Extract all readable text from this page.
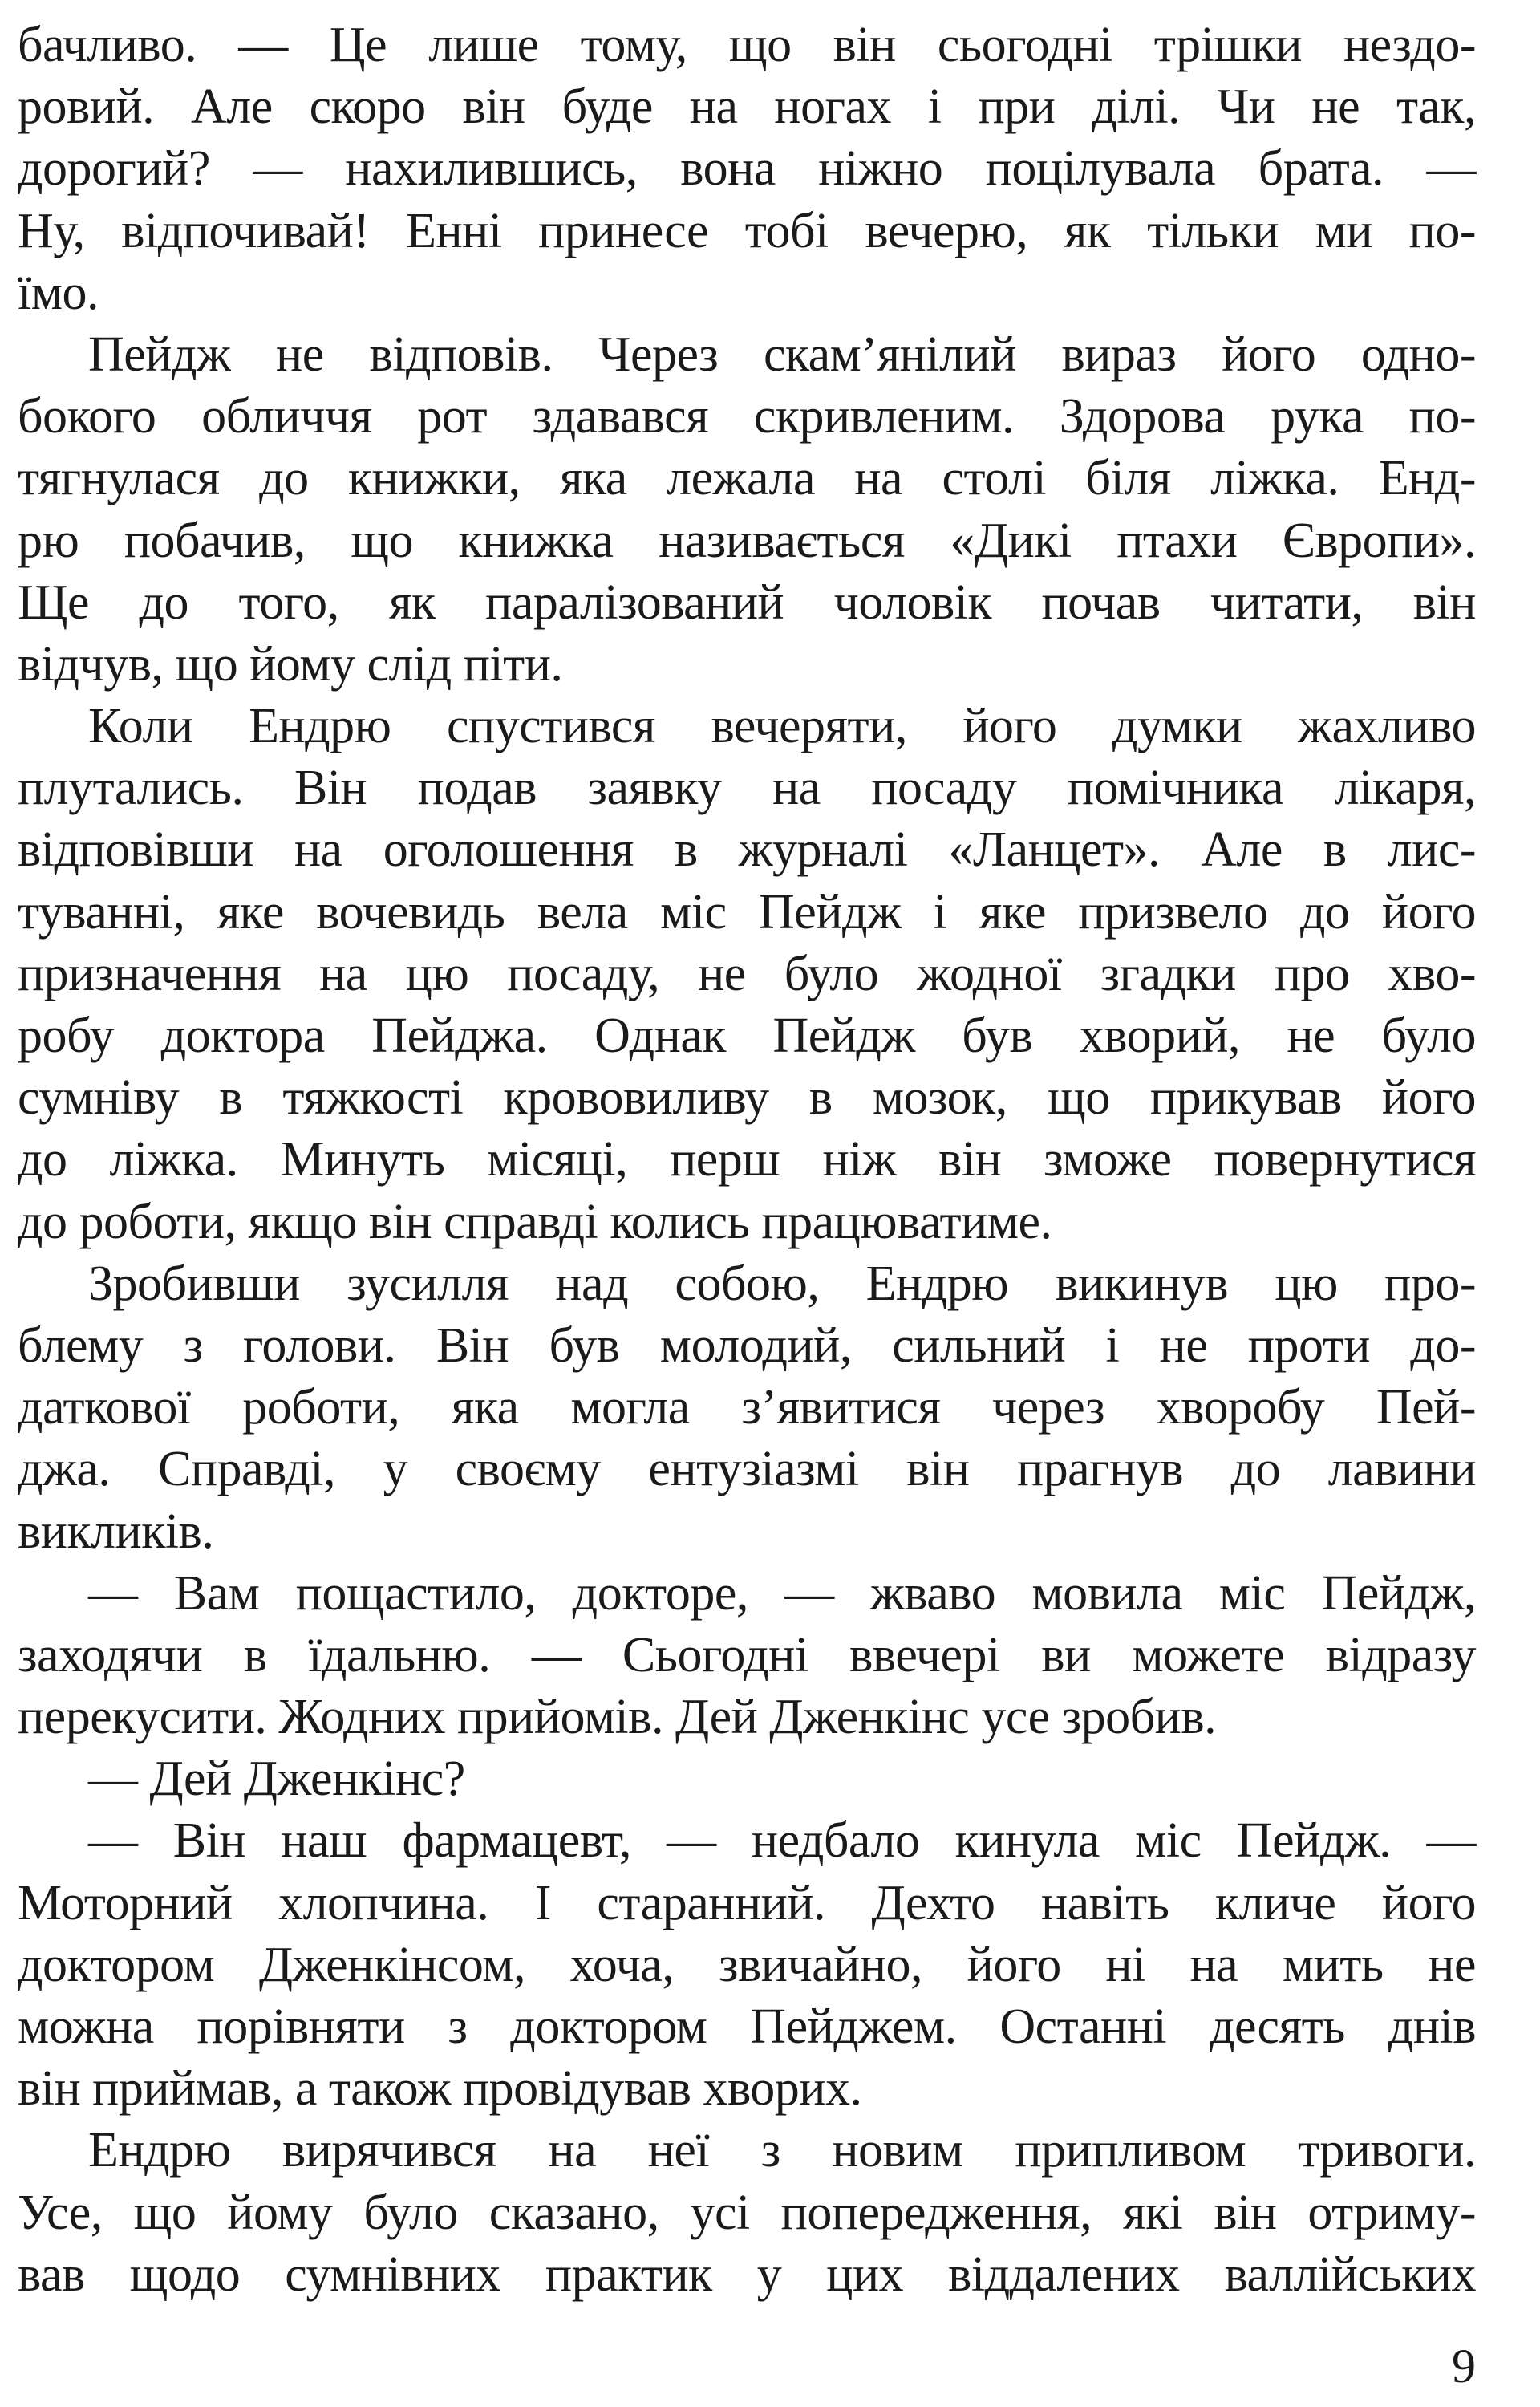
бачливо. — Це лише тому, що він сьогодні трішки нездо-
ровий. Але скоро він буде на ногах і при ділі. Чи не так,
дорогий? — нахилившись, вона ніжно поцілувала брата. —
Ну, відпочивай! Енні принесе тобі вечерю, як тільки ми по-
їмо.
Пейдж не відповів. Через скам’янілий вираз його одно-
бокого обличчя рот здавався скривленим. Здорова рука по-
тягнулася до книжки, яка лежала на столі біля ліжка. Енд-
рю побачив, що книжка називається «Дикі птахи Європи».
Ще до того, як паралізований чоловік почав читати, він
відчув, що йому слід піти.
Коли Ендрю спустився вечеряти, його думки жахливо
плутались. Він подав заявку на посаду помічника лікаря,
відповівши на оголошення в журналі «Ланцет». Але в лис-
туванні, яке вочевидь вела міс Пейдж і яке призвело до його
призначення на цю посаду, не було жодної згадки про хво-
робу доктора Пейджа. Однак Пейдж був хворий, не було
сумніву в тяжкості крововиливу в мозок, що прикував його
до ліжка. Минуть місяці, перш ніж він зможе повернутися
до роботи, якщо він справді колись працюватиме.
Зробивши зусилля над собою, Ендрю викинув цю про-
блему з голови. Він був молодий, сильний і не проти до-
даткової роботи, яка могла з’явитися через хворобу Пей-
джа. Справді, у своєму ентузіазмі він прагнув до лавини
викликів.
— Вам пощастило, докторе, — жваво мовила міс Пейдж,
заходячи в їдальню. — Сьогодні ввечері ви можете відразу
перекусити. Жодних прийомів. Дей Дженкінс усе зробив.
— Дей Дженкінс?
— Він наш фармацевт, — недбало кинула міс Пейдж. —
Моторний хлопчина. І старанний. Дехто навіть кличе його
доктором Дженкінсом, хоча, звичайно, його ні на мить не
можна порівняти з доктором Пейджем. Останні десять днів
він приймав, а також провідував хворих.
Ендрю вирячився на неї з новим припливом тривоги.
Усе, що йому було сказано, усі попередження, які він отриму-
вав щодо сумнівних практик у цих віддалених валлійських
9
